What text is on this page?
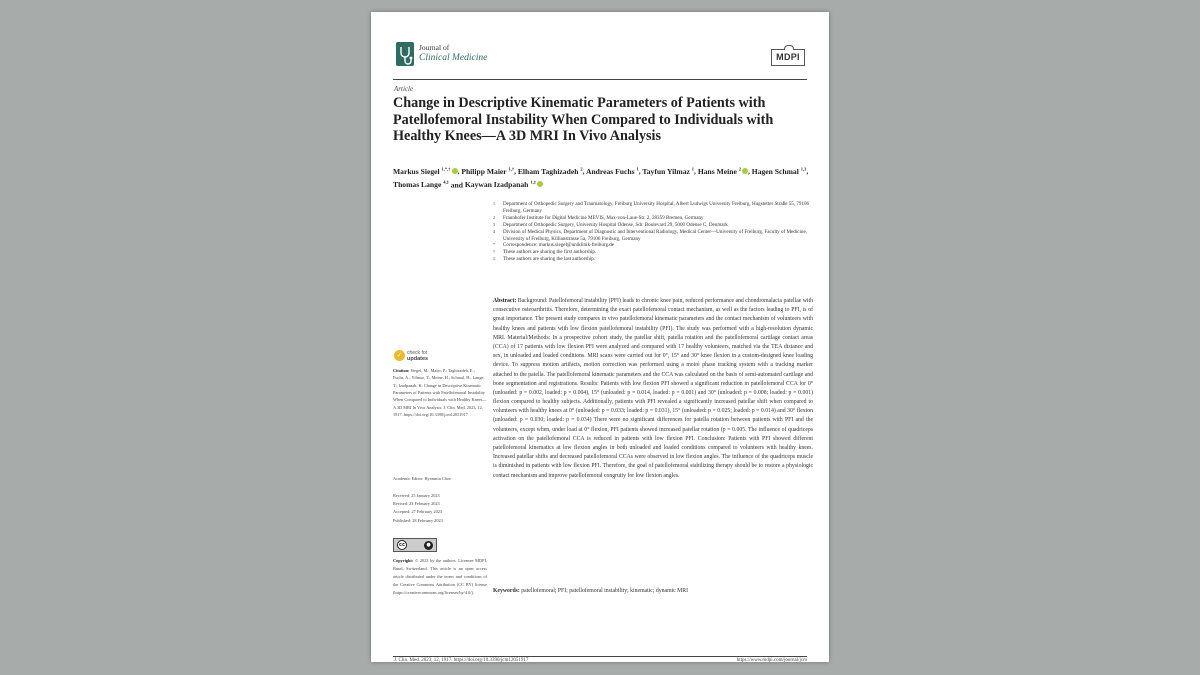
Journal of
Clinical Medicine	MDPI
Article
Change in Descriptive Kinematic Parameters of Patients with Patellofemoral Instability When Compared to Individuals with Healthy Knees—A 3D MRI In Vivo Analysis
Markus Siegel $^{1,*,\dagger}$ , Philipp Maier $^{1,\dagger}$, Elham Taghizadeh $^2$, Andreas Fuchs $^1$, Tayfun Yilmaz $^1$, Hans Meine $^2$ , Hagen Schmal $^{1,3}$, Thomas Lange $^{4,\ddagger}$ and Kaywan Izadpanah $^{1,\ddagger}$
1	Department of Orthopedic Surgery and Traumatology, Freiburg University Hospital, Albert Ludwigs University Freiburg, Hugstetter Straße 55, 79106 Freiburg, Germany
2	Fraunhofer Institute for Digital Medicine MEVIS, Max-von-Laue-Str. 2, 28359 Bremen, Germany
3	Department of Orthopedic Surgery, University Hospital Odense, Sdr. Boulevard 29, 5000 Odense C, Denmark
4	Division of Medical Physics, Department of Diagnostic and Interventional Radiology, Medical Center—University of Freiburg, Faculty of Medicine, University of Freiburg, Killianstrasse 5a, 79106 Freiburg, Germany
*	Correspondence: markus.siegel@uniklinik-freiburg.de
†	These authors are sharing the first authorship.
‡	These authors are sharing the last authorship.
Abstract: Background: Patellofemoral instability (PFI) leads to chronic knee pain, reduced performance and chondromalacia patellae with consecutive osteoarthritis. Therefore, determining the exact patellofemoral contact mechanism, as well as the factors leading to PFI, is of great importance. The present study compares in vivo patellofemoral kinematic parameters and the contact mechanism of volunteers with healthy knees and patients with low flexion patellofemoral instability (PFI). The study was performed with a high-resolution dynamic MRI. Material/Methods: In a prospective cohort study, the patellar shift, patella rotation and the patellofemoral cartilage contact areas (CCA) of 17 patients with low flexion PFI were analyzed and compared with 17 healthy volunteers, matched via the TEA distance and sex, in unloaded and loaded conditions. MRI scans were carried out for 0°, 15° and 30° knee flexion in a custom-designed knee loading device. To suppress motion artifacts, motion correction was performed using a moiré phase tracking system with a tracking marker attached to the patella. The patellofemoral kinematic parameters and the CCA was calculated on the basis of semi-automated cartilage and bone segmentation and registrations. Results: Patients with low flexion PFI showed a significant reduction in patellofemoral CCA for 0° (unloaded: p = 0.002, loaded: p = 0.004), 15° (unloaded: p = 0.014, loaded: p = 0.001) and 30° (unloaded: p = 0.008; loaded: p = 0.001) flexion compared to healthy subjects. Additionally, patients with PFI revealed a significantly increased patellar shift when compared to volunteers with healthy knees at 0° (unloaded: p = 0.033; loaded: p = 0.031), 15° (unloaded: p = 0.025; loaded: p = 0.014) and 30° flexion (unloaded: p = 0.030; loaded: p = 0.034) There were no significant differences for patella rotation between patients with PFI and the volunteers, except when, under load at 0° flexion, PFI patients showed increased patellar rotation (p = 0.005. The influence of quadriceps activation on the patellofemoral CCA is reduced in patients with low flexion PFI. Conclusion: Patients with PFI showed different patellofemoral kinematics at low flexion angles in both unloaded and loaded conditions compared to volunteers with healthy knees. Increased patellar shifts and decreased patellofemoral CCAs were observed in low flexion angles. The influence of the quadriceps muscle is diminished in patients with low flexion PFI. Therefore, the goal of patellofemoral stabilizing therapy should be to restore a physiologic contact mechanism and improve patellofemoral congruity for low flexion angles.
Keywords: patellofemoral; PFI; patellofemoral instability; kinematic; dynamic MRI
✓ check for
updates
Citation: Siegel, M.; Maier, P.; Taghizadeh, E.; Fuchs, A.; Yilmaz, T.; Meine, H.; Schmal, H.; Lange, T.; Izadpanah, K. Change in Descriptive Kinematic Parameters of Patients with Patellofemoral Instability When Compared to Individuals with Healthy Knees—A 3D MRI In Vivo Analysis. J. Clin. Med. 2023, 12, 1917. https://doi.org/10.3390/jcm12051917
Academic Editor: Hyonmin Choe
Received: 25 January 2023
Revised: 23 February 2023
Accepted: 27 February 2023
Published: 28 February 2023
cc	●
Copyright: © 2023 by the authors. Licensee MDPI, Basel, Switzerland. This article is an open access article distributed under the terms and conditions of the Creative Commons Attribution (CC BY) license (https://creativecommons.org/licenses/by/4.0/).
J. Clin. Med. 2023, 12, 1917. https://doi.org/10.3390/jcm12051917	https://www.mdpi.com/journal/jcm
